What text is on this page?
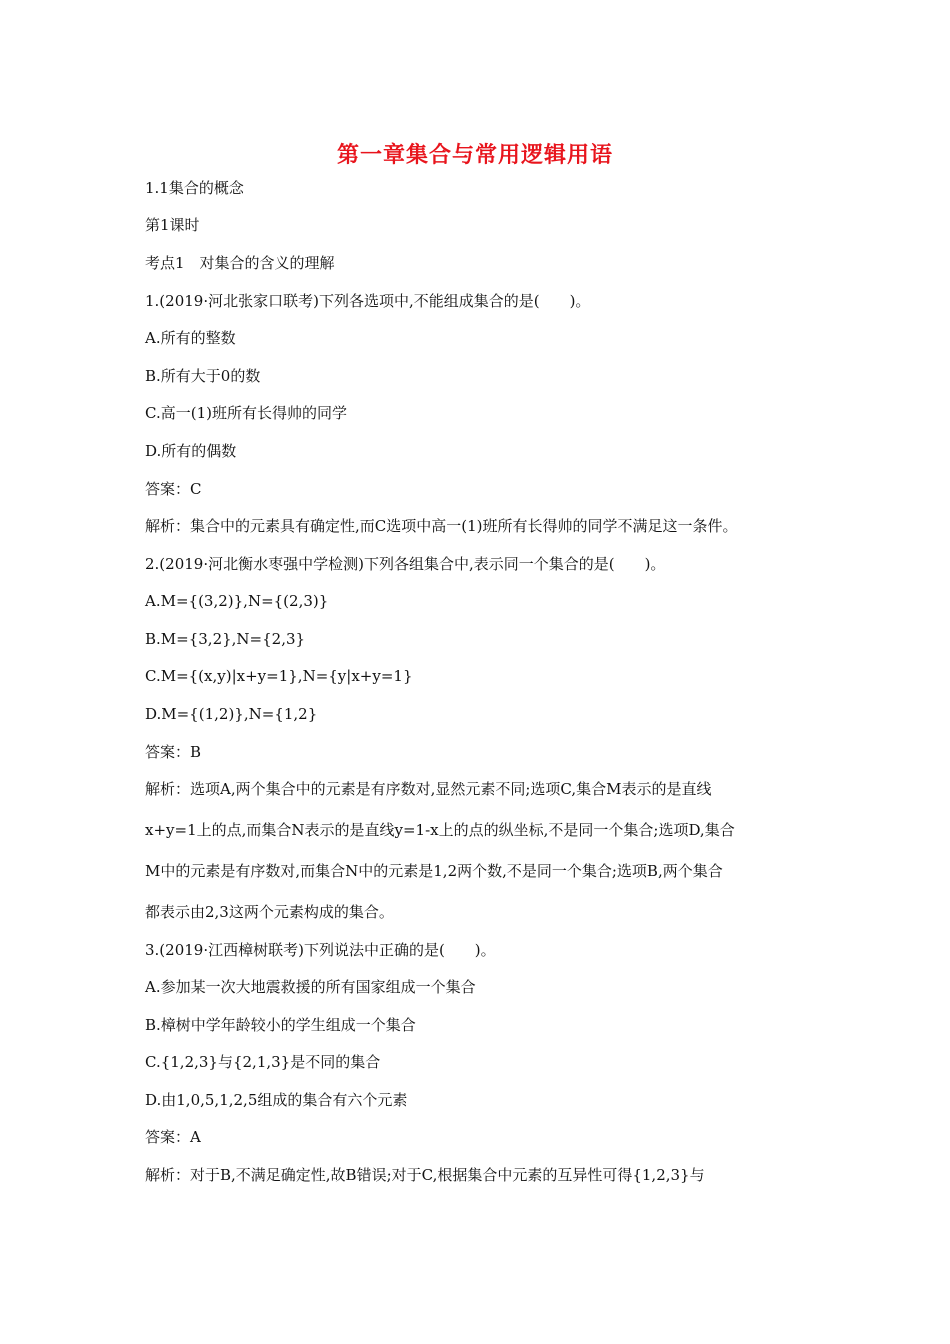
第一章集合与常用逻辑用语
1.1集合的概念
第1课时
考点1　对集合的含义的理解
1.(2019·河北张家口联考)下列各选项中,不能组成集合的是(　　)。
A.所有的整数
B.所有大于0的数
C.高一(1)班所有长得帅的同学
D.所有的偶数
答案：C
解析：集合中的元素具有确定性,而C选项中高一(1)班所有长得帅的同学不满足这一条件。
2.(2019·河北衡水枣强中学检测)下列各组集合中,表示同一个集合的是(　　)。
A.M={(3,2)},N={(2,3)}
B.M={3,2},N={2,3}
C.M={(x,y)|x+y=1},N={y|x+y=1}
D.M={(1,2)},N={1,2}
答案：B
解析：选项A,两个集合中的元素是有序数对,显然元素不同;选项C,集合M表示的是直线
x+y=1上的点,而集合N表示的是直线y=1-x上的点的纵坐标,不是同一个集合;选项D,集合
M中的元素是有序数对,而集合N中的元素是1,2两个数,不是同一个集合;选项B,两个集合
都表示由2,3这两个元素构成的集合。
3.(2019·江西樟树联考)下列说法中正确的是(　　)。
A.参加某一次大地震救援的所有国家组成一个集合
B.樟树中学年龄较小的学生组成一个集合
C.{1,2,3}与{2,1,3}是不同的集合
D.由1,0,5,1,2,5组成的集合有六个元素
答案：A
解析：对于B,不满足确定性,故B错误;对于C,根据集合中元素的互异性可得{1,2,3}与
